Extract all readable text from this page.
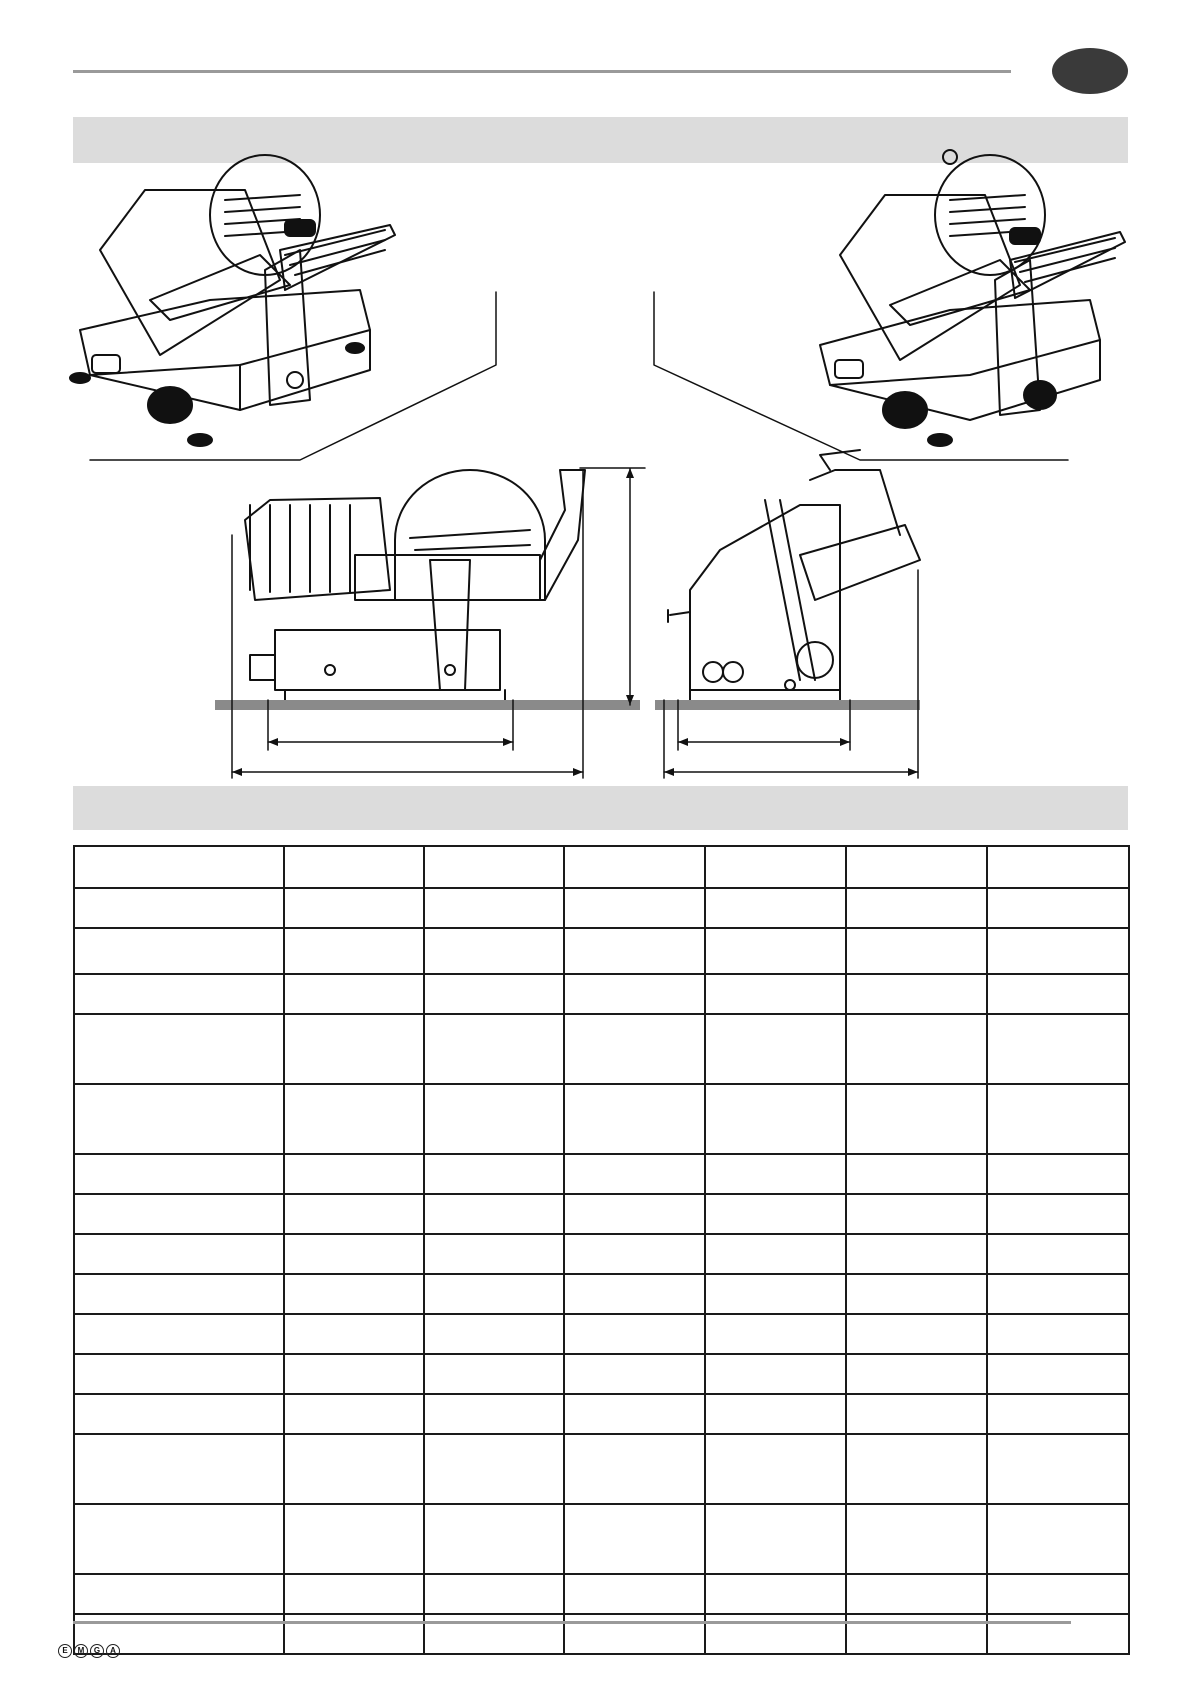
E	M	G	A
